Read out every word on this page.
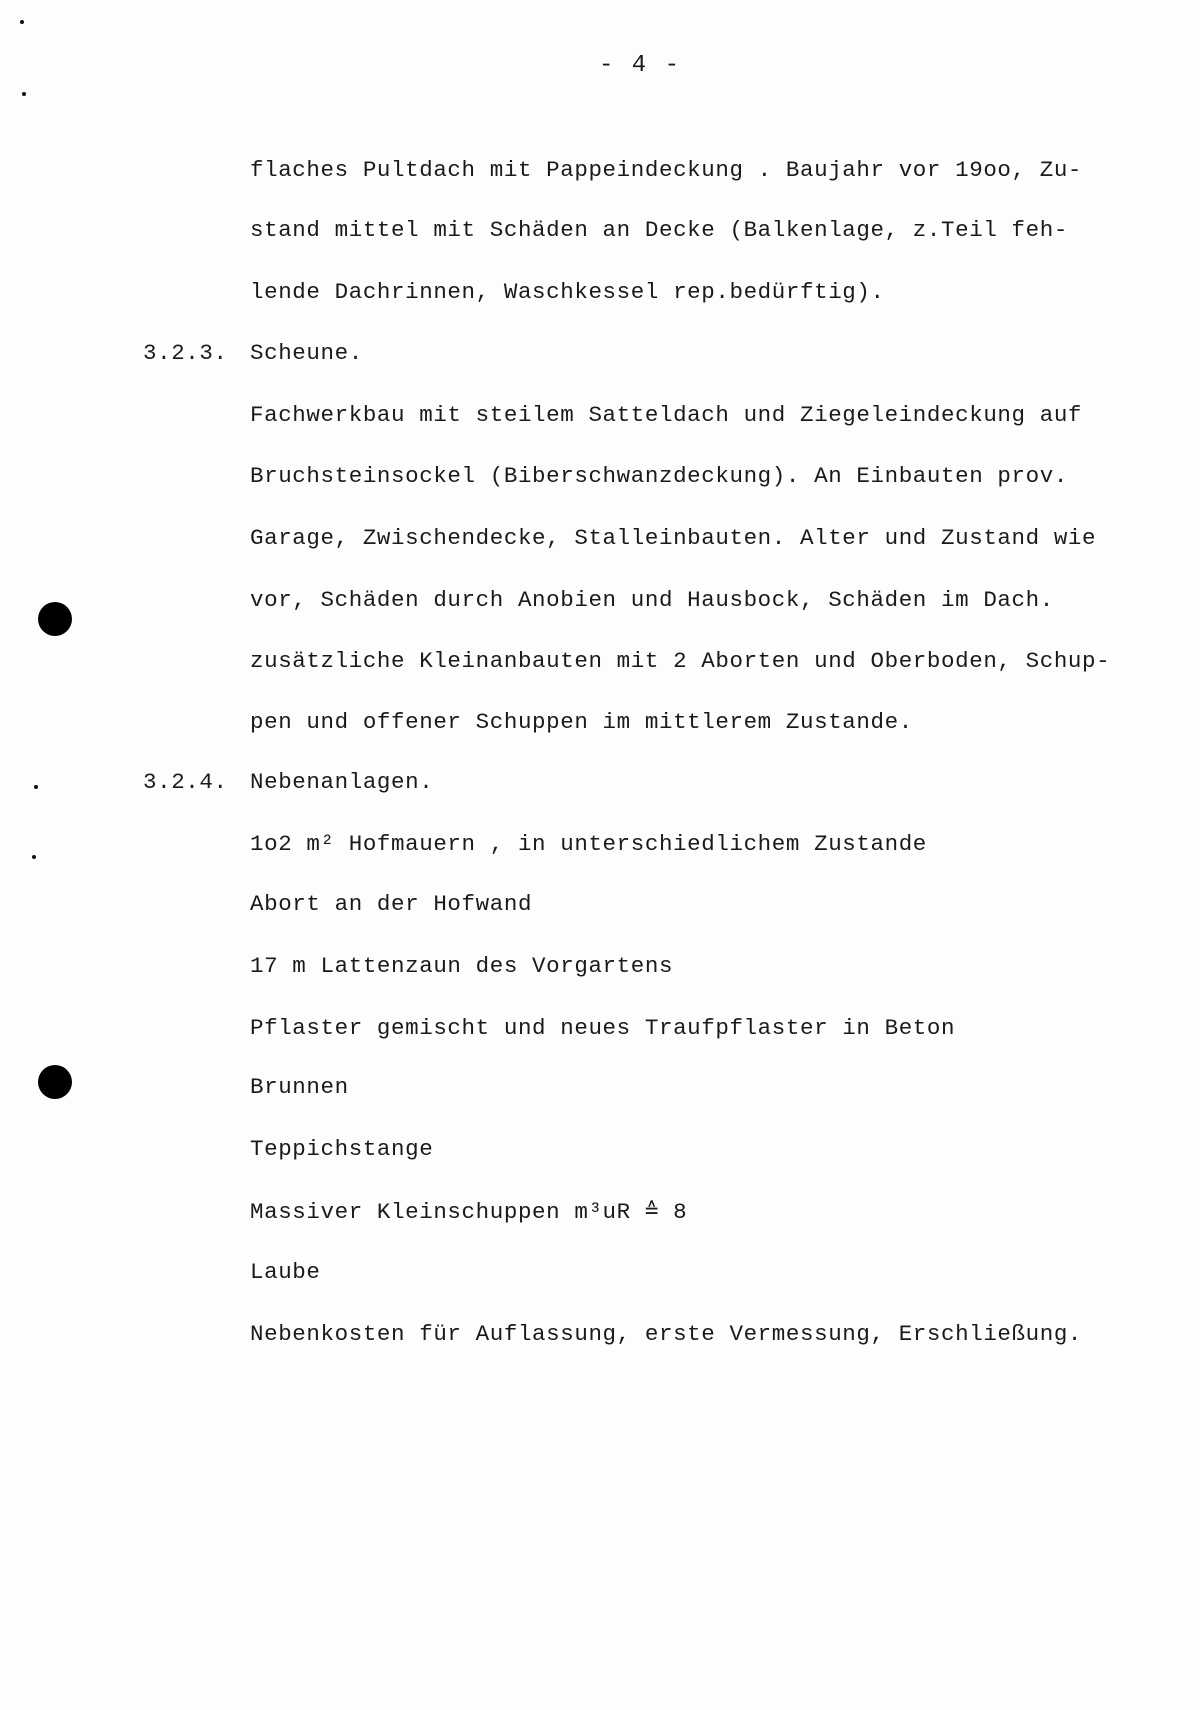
- 4 -
flaches Pultdach mit Pappeindeckung . Baujahr vor 19oo, Zu-
stand mittel mit Schäden an Decke (Balkenlage, z.Teil feh-
lende Dachrinnen, Waschkessel rep.bedürftig).
3.2.3. Scheune.
Fachwerkbau mit steilem Satteldach und Ziegeleindeckung auf
Bruchsteinsockel (Biberschwanzdeckung). An Einbauten prov.
Garage, Zwischendecke, Stalleinbauten. Alter und Zustand wie
vor, Schäden durch Anobien und Hausbock, Schäden im Dach.
zusätzliche Kleinanbauten mit 2 Aborten und Oberboden, Schup-
pen und offener Schuppen im mittlerem Zustande.
3.2.4. Nebenanlagen.
1o2 m² Hofmauern , in unterschiedlichem Zustande
Abort an der Hofwand
17 m Lattenzaun des Vorgartens
Pflaster gemischt und neues Traufpflaster in Beton
Brunnen
Teppichstange
Massiver Kleinschuppen m³uR ≙ 8
Laube
Nebenkosten für Auflassung, erste Vermessung, Erschließung.
